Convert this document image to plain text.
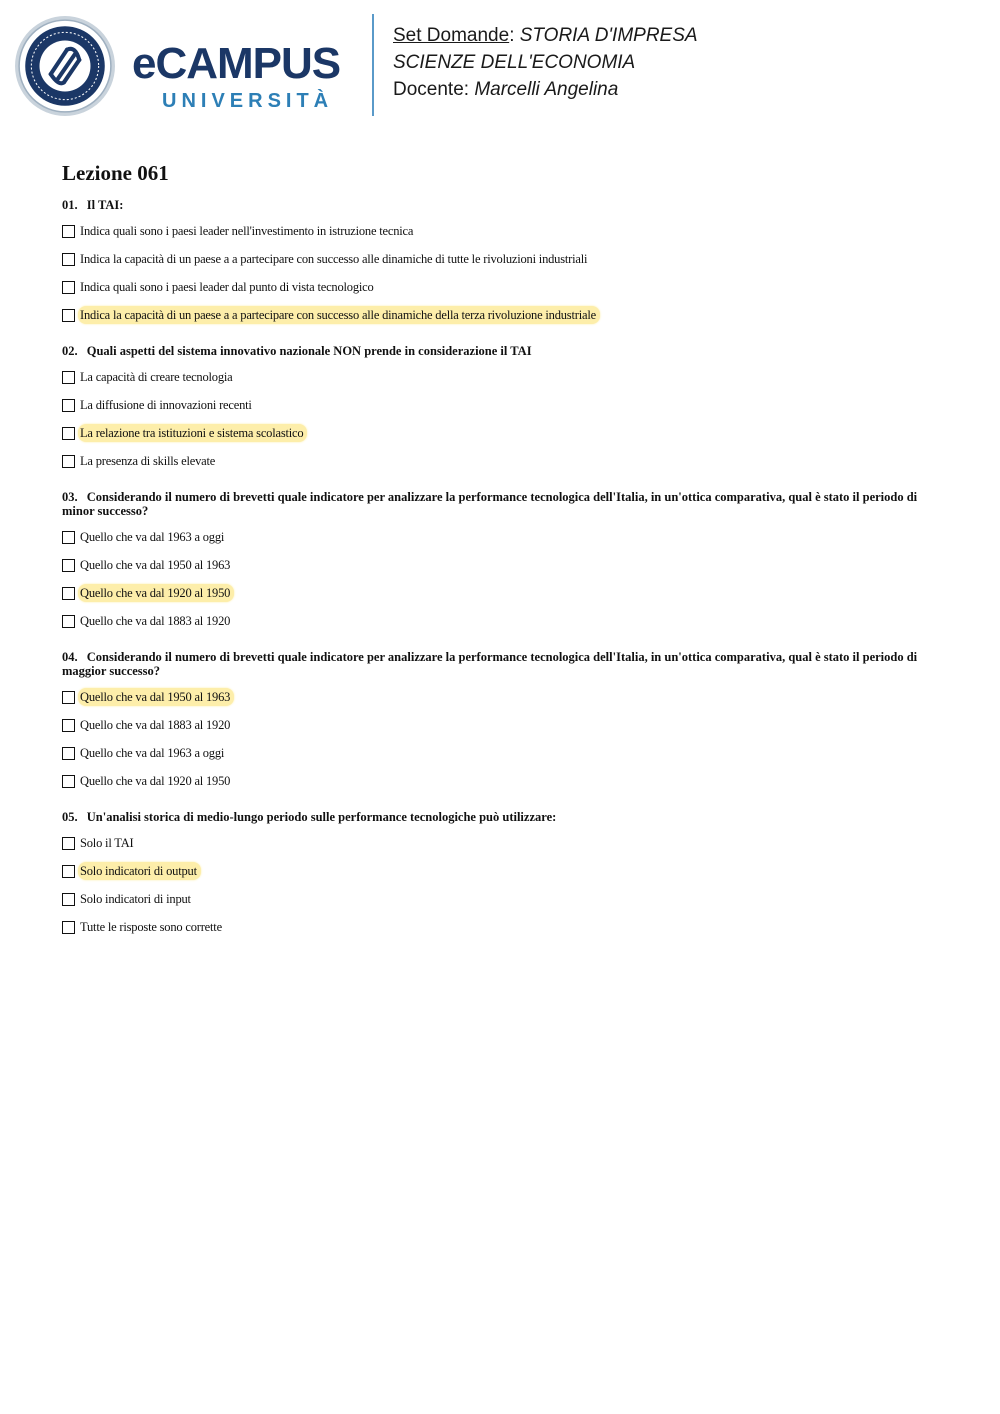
eCAMPUS
UNIVERSITÀ
Set Domande: STORIA D'IMPRESA
SCIENZE DELL'ECONOMIA
Docente: Marcelli Angelina
Lezione 061
01. Il TAI:
Indica quali sono i paesi leader nell'investimento in istruzione tecnica
Indica la capacità di un paese a a partecipare con successo alle dinamiche di tutte le rivoluzioni industriali
Indica quali sono i paesi leader dal punto di vista tecnologico
Indica la capacità di un paese a a partecipare con successo alle dinamiche della terza rivoluzione industriale
02. Quali aspetti del sistema innovativo nazionale NON prende in considerazione il TAI
La capacità di creare tecnologia
La diffusione di innovazioni recenti
La relazione tra istituzioni e sistema scolastico
La presenza di skills elevate
03. Considerando il numero di brevetti quale indicatore per analizzare la performance tecnologica dell'Italia, in un'ottica comparativa, qual è stato il periodo di minor successo?
Quello che va dal 1963 a oggi
Quello che va dal 1950 al 1963
Quello che va dal 1920 al 1950
Quello che va dal 1883 al 1920
04. Considerando il numero di brevetti quale indicatore per analizzare la performance tecnologica dell'Italia, in un'ottica comparativa, qual è stato il periodo di maggior successo?
Quello che va dal 1950 al 1963
Quello che va dal 1883 al 1920
Quello che va dal 1963 a oggi
Quello che va dal 1920 al 1950
05. Un'analisi storica di medio-lungo periodo sulle performance tecnologiche può utilizzare:
Solo il TAI
Solo indicatori di output
Solo indicatori di input
Tutte le risposte sono corrette
